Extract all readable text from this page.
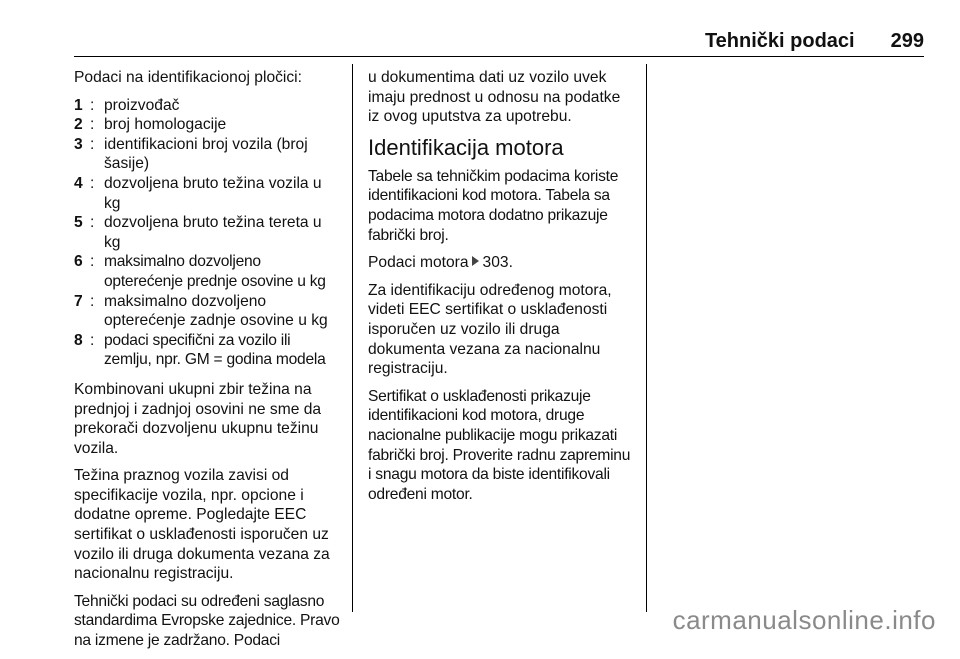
Tehnički podaci 299

Podaci na identifikacionoj pločici:

1 : proizvođač
2 : broj homologacije
3 : identifikacioni broj vozila (broj šasije)
4 : dozvoljena bruto težina vozila u kg
5 : dozvoljena bruto težina tereta u kg
6 : maksimalno dozvoljeno opterećenje prednje osovine u kg
7 : maksimalno dozvoljeno opterećenje zadnje osovine u kg
8 : podaci specifični za vozilo ili zemlju, npr. GM = godina modela

Kombinovani ukupni zbir težina na prednjoj i zadnjoj osovini ne sme da prekorači dozvoljenu ukupnu težinu vozila.

Težina praznog vozila zavisi od specifikacije vozila, npr. opcione i dodatne opreme. Pogledajte EEC sertifikat o usklađenosti isporučen uz vozilo ili druga dokumenta vezana za nacionalnu registraciju.

Tehnički podaci su određeni saglasno standardima Evropske zajednice. Pravo na izmene je zadržano. Podaci

u dokumentima dati uz vozilo uvek imaju prednost u odnosu na podatke iz ovog uputstva za upotrebu.

Identifikacija motora

Tabele sa tehničkim podacima koriste identifikacioni kod motora. Tabela sa podacima motora dodatno prikazuje fabrički broj.

Podaci motora 303.

Za identifikaciju određenog motora, videti EEC sertifikat o usklađenosti isporučen uz vozilo ili druga dokumenta vezana za nacionalnu registraciju.

Sertifikat o usklađenosti prikazuje identifikacioni kod motora, druge nacionalne publikacije mogu prikazati fabrički broj. Proverite radnu zapreminu i snagu motora da biste identifikovali određeni motor.

carmanualsonline.info
